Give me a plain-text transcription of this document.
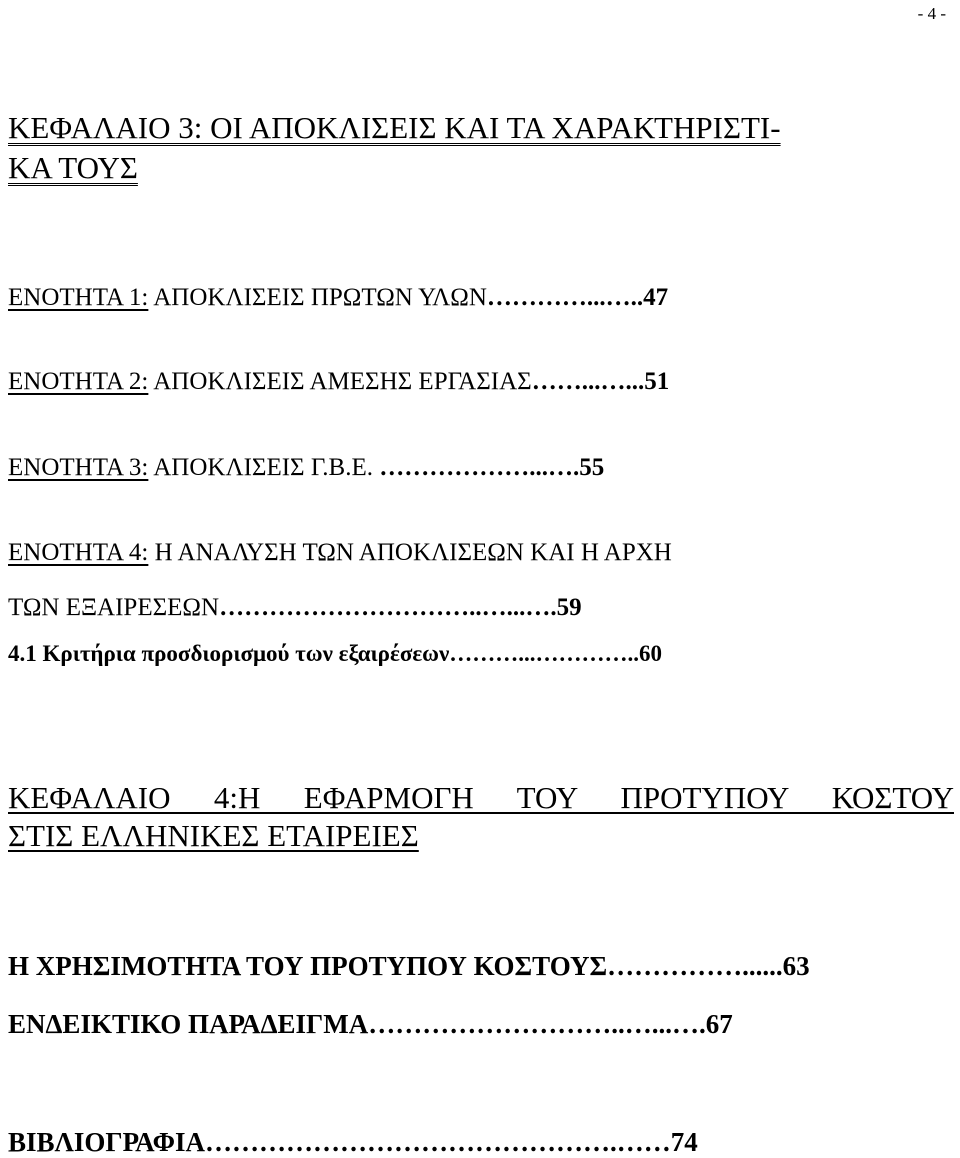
- 4 -
ΚΕΦΑΛΑΙΟ 3: ΟΙ ΑΠΟΚΛΙΣΕΙΣ ΚΑΙ ΤΑ ΧΑΡΑΚΤΗΡΙΣΤΙ-
ΚΑ ΤΟΥΣ
ΕΝΟΤΗΤΑ 1: ΑΠΟΚΛΙΣΕΙΣ ΠΡΩΤΩΝ ΥΛΩΝ…………...…..47
ΕΝΟΤΗΤΑ 2: ΑΠΟΚΛΙΣΕΙΣ ΑΜΕΣΗΣ ΕΡΓΑΣΙΑΣ……...…...51
ΕΝΟΤΗΤΑ 3: ΑΠΟΚΛΙΣΕΙΣ Γ.Β.Ε. ………………...….55
ΕΝΟΤΗΤΑ 4: Η ΑΝΑΛΥΣΗ ΤΩΝ ΑΠΟΚΛΙΣΕΩΝ ΚΑΙ Η ΑΡΧΗ
ΤΩΝ ΕΞΑΙΡΕΣΕΩΝ…………………………..…...….59
4.1 Κριτήρια προσδιορισμού των εξαιρέσεων………...…………..60
ΚΕΦΑΛΑΙΟ 4:Η ΕΦΑΡΜΟΓΗ ΤΟΥ ΠΡΟΤΥΠΟΥ ΚΟΣΤΟΥ
ΣΤΙΣ ΕΛΛΗΝΙΚΕΣ ΕΤΑΙΡΕΙΕΣ
Η ΧΡΗΣΙΜΟΤΗΤΑ ΤΟΥ ΠΡΟΤΥΠΟΥ ΚΟΣΤΟΥΣ……………......63
ΕΝΔΕΙΚΤΙΚΟ ΠΑΡΑΔΕΙΓΜΑ………………………..…...….67
ΒΙΒΛΙΟΓΡΑΦΙΑ……………………………………….……74
